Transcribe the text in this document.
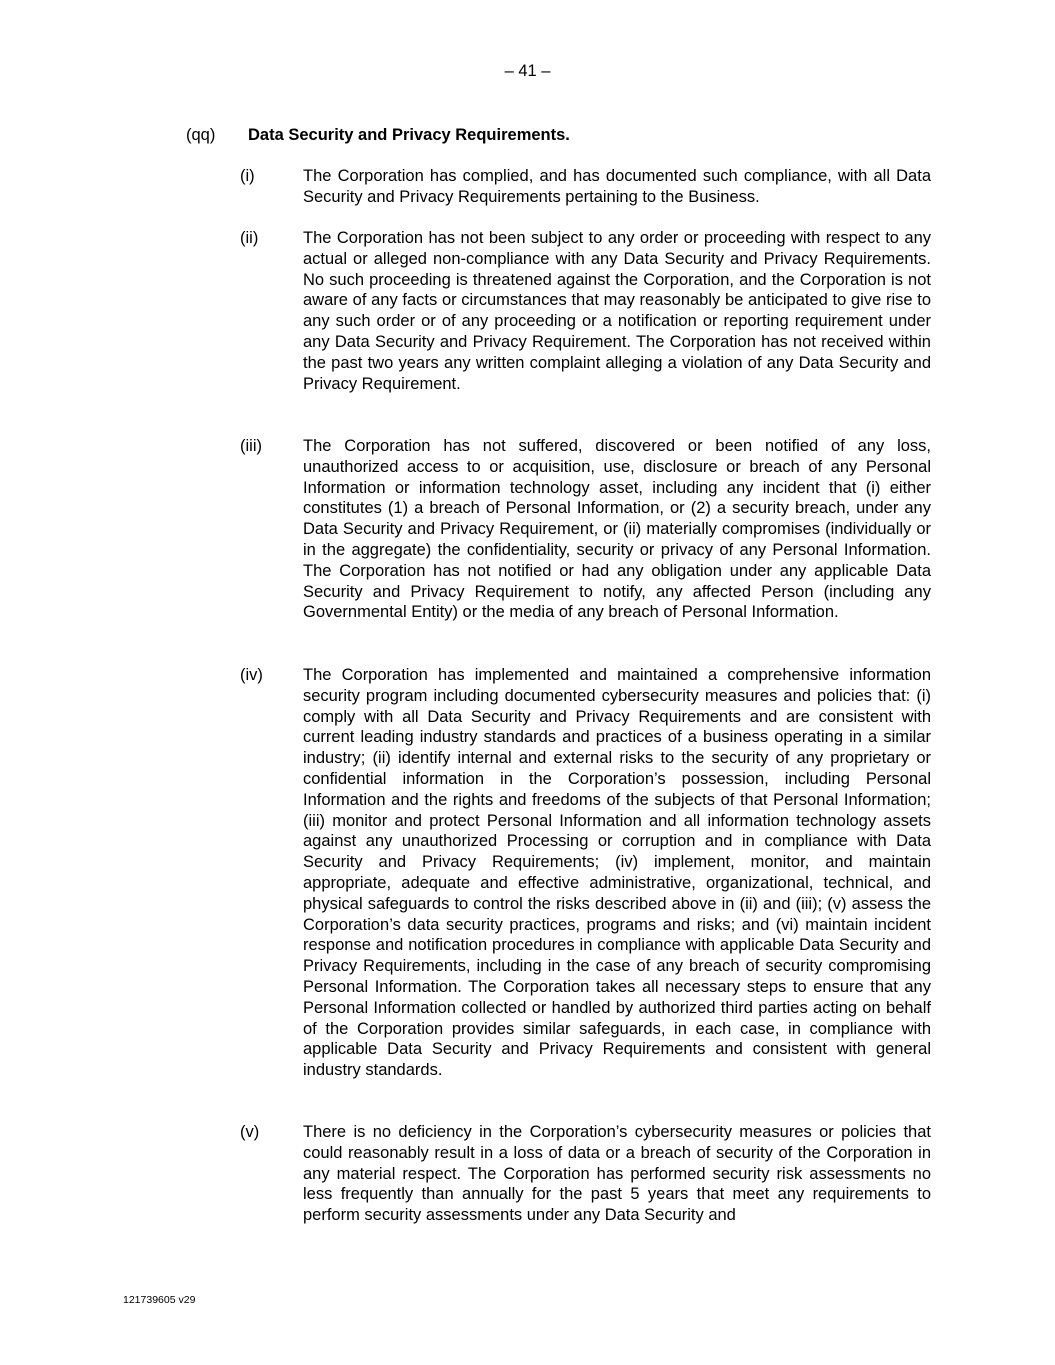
– 41 –
(qq) Data Security and Privacy Requirements.
(i)	The Corporation has complied, and has documented such compliance, with all Data Security and Privacy Requirements pertaining to the Business.
(ii)	The Corporation has not been subject to any order or proceeding with respect to any actual or alleged non-compliance with any Data Security and Privacy Requirements. No such proceeding is threatened against the Corporation, and the Corporation is not aware of any facts or circumstances that may reasonably be anticipated to give rise to any such order or of any proceeding or a notification or reporting requirement under any Data Security and Privacy Requirement. The Corporation has not received within the past two years any written complaint alleging a violation of any Data Security and Privacy Requirement.
(iii) The Corporation has not suffered, discovered or been notified of any loss, unauthorized access to or acquisition, use, disclosure or breach of any Personal Information or information technology asset, including any incident that (i) either constitutes (1) a breach of Personal Information, or (2) a security breach, under any Data Security and Privacy Requirement, or (ii) materially compromises (individually or in the aggregate) the confidentiality, security or privacy of any Personal Information. The Corporation has not notified or had any obligation under any applicable Data Security and Privacy Requirement to notify, any affected Person (including any Governmental Entity) or the media of any breach of Personal Information.
(iv) The Corporation has implemented and maintained a comprehensive information security program including documented cybersecurity measures and policies that: (i) comply with all Data Security and Privacy Requirements and are consistent with current leading industry standards and practices of a business operating in a similar industry; (ii) identify internal and external risks to the security of any proprietary or confidential information in the Corporation’s possession, including Personal Information and the rights and freedoms of the subjects of that Personal Information; (iii) monitor and protect Personal Information and all information technology assets against any unauthorized Processing or corruption and in compliance with Data Security and Privacy Requirements; (iv) implement, monitor, and maintain appropriate, adequate and effective administrative, organizational, technical, and physical safeguards to control the risks described above in (ii) and (iii); (v) assess the Corporation’s data security practices, programs and risks; and (vi) maintain incident response and notification procedures in compliance with applicable Data Security and Privacy Requirements, including in the case of any breach of security compromising Personal Information. The Corporation takes all necessary steps to ensure that any Personal Information collected or handled by authorized third parties acting on behalf of the Corporation provides similar safeguards, in each case, in compliance with applicable Data Security and Privacy Requirements and consistent with general industry standards.
(v)	There is no deficiency in the Corporation’s cybersecurity measures or policies that could reasonably result in a loss of data or a breach of security of the Corporation in any material respect. The Corporation has performed security risk assessments no less frequently than annually for the past 5 years that meet any requirements to perform security assessments under any Data Security and
121739605 v29
